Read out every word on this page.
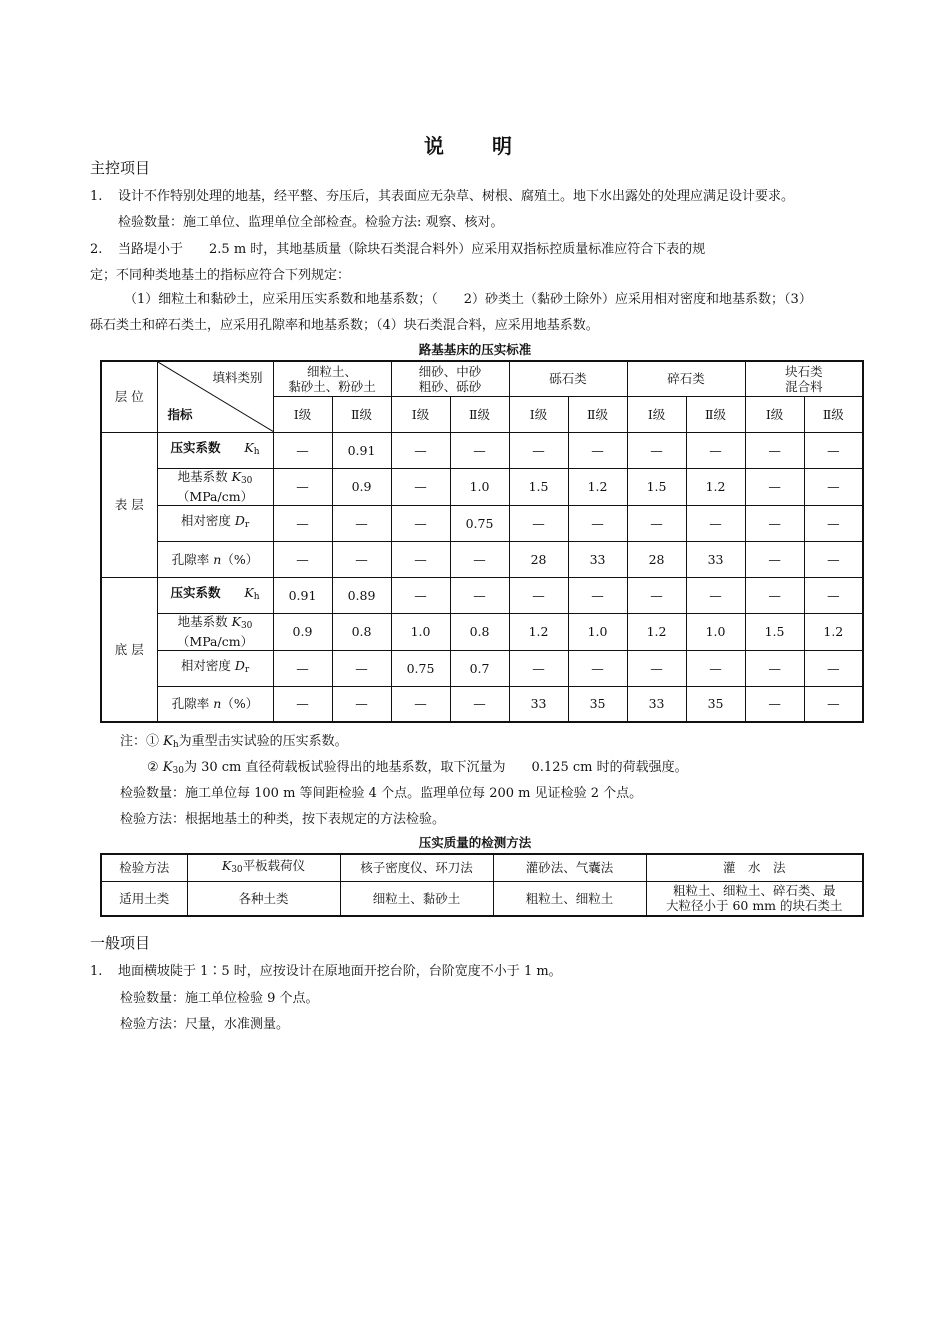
说　明
主控项目
1. 设计不作特别处理的地基，经平整、夯压后，其表面应无杂草、树根、腐殖土。地下水出露处的处理应满足设计要求。
检验数量：施工单位、监理单位全部检查。检验方法: 观察、核对。
2. 当路堤小于 2.5 m 时，其地基质量（除块石类混合料外）应采用双指标控质量标准应符合下表的规
定；不同种类地基土的指标应符合下列规定：
（1）细粒土和黏砂土，应采用压实系数和地基系数；（ 2）砂类土（黏砂土除外）应采用相对密度和地基系数；（3）
砾石类土和碎石类土，应采用孔隙率和地基系数；（4）块石类混合料，应采用地基系数。
路基基床的压实标准
层 位	填料类别
指标	细粒土、
黏砂土、粉砂土		细砂、中砂
粗砂、砾砂		砾石类		碎石类		块石类
混合料	
		Ⅰ级	Ⅱ级	Ⅰ级	Ⅱ级	Ⅰ级	Ⅱ级	Ⅰ级	Ⅱ级	Ⅰ级	Ⅱ级
表 层	压实系数 $K_h$	—	0.91	—	—	—	—	—	—	—	—
	地基系数 $K_{30}$
（MPa/cm）	—	0.9	—	1.0	1.5	1.2	1.5	1.2	—	—
	相对密度 $D_r$	—	—	—	0.75	—	—	—	—	—	—
	孔隙率 n（%）	—	—	—	—	28	33	28	33	—	—
底 层	压实系数 $K_h$	0.91	0.89	—	—	—	—	—	—	—	—
	地基系数 $K_{30}$
（MPa/cm）	0.9	0.8	1.0	0.8	1.2	1.0	1.2	1.0	1.5	1.2
	相对密度 $D_r$	—	—	0.75	0.7	—	—	—	—	—	—
	孔隙率 n（%）	—	—	—	—	33	35	33	35	—	—
注：① $K_h$为重型击实试验的压实系数。
② $K_{30}$为 30 cm 直径荷载板试验得出的地基系数，取下沉量为 0.125 cm 时的荷载强度。
检验数量：施工单位每 100 m 等间距检验 4 个点。监理单位每 200 m 见证检验 2 个点。
检验方法：根据地基土的种类，按下表规定的方法检验。
压实质量的检测方法
检验方法	$K_{30}$平板载荷仪	核子密度仪、环刀法	灌砂法、气囊法	灌　水　法
适用土类	各种土类	细粒土、黏砂土	粗粒土、细粒土	粗粒土、细粒土、碎石类、最
大粒径小于 60 mm 的块石类土
一般项目
1. 地面横坡陡于 1∶5 时，应按设计在原地面开挖台阶，台阶宽度不小于 1 m。
检验数量：施工单位检验 9 个点。
检验方法：尺量，水准测量。
